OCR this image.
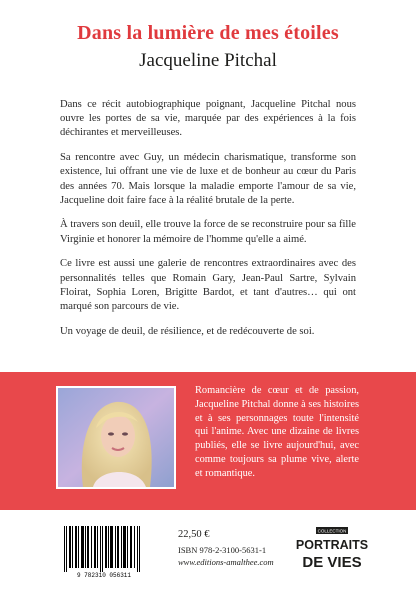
Dans la lumière de mes étoiles
Jacqueline Pitchal

Dans ce récit autobiographique poignant, Jacqueline Pitchal nous ouvre les portes de sa vie, marquée par des expériences à la fois déchirantes et merveilleuses.

Sa rencontre avec Guy, un médecin charismatique, transforme son existence, lui offrant une vie de luxe et de bonheur au cœur du Paris des années 70. Mais lorsque la maladie emporte l'amour de sa vie, Jacqueline doit faire face à la réalité brutale de la perte.

À travers son deuil, elle trouve la force de se reconstruire pour sa fille Virginie et honorer la mémoire de l'homme qu'elle a aimé.

Ce livre est aussi une galerie de rencontres extraordinaires avec des personnalités telles que Romain Gary, Jean-Paul Sartre, Sylvain Floirat, Sophia Loren, Brigitte Bardot, et tant d'autres… qui ont marqué son parcours de vie.

Un voyage de deuil, de résilience, et de redécouverte de soi.

Romancière de cœur et de passion, Jacqueline Pitchal donne à ses histoires et à ses personnages toute l'intensité qui l'anime. Avec une dizaine de livres publiés, elle se livre aujourd'hui, avec comme toujours sa plume vive, alerte et romantique.
9 782310 056311
22,50 €
ISBN 978-2-3100-5631-1
www.editions-amalthee.com
COLLECTION
PORTRAITS
DE VIES
